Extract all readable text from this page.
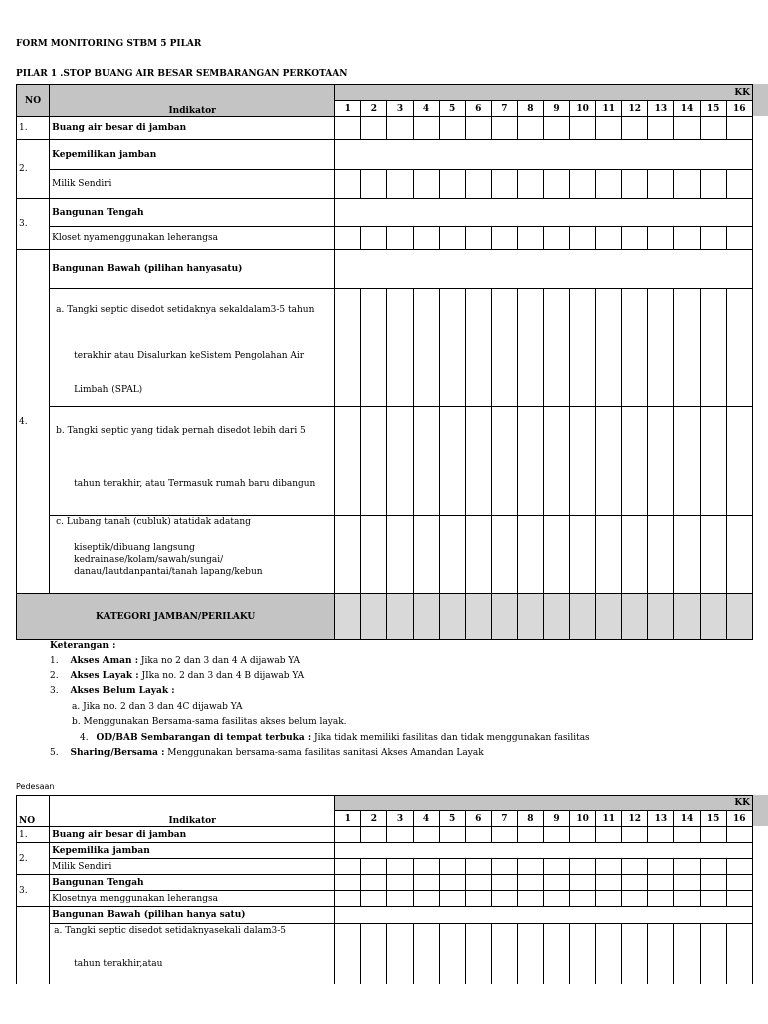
FORM MONITORING STBM 5 PILAR
PILAR 1 .STOP BUANG AIR BESAR SEMBARANGAN PERKOTAAN
NO	Indikator	KK															
		1	2	3	4	5	6	7	8	9	10	11	12	13	14	15	16
1.	Buang air besar di jamban																
2.	Kepemilikan jamban																
	Milik Sendiri																
3.	Bangunan Tengah																
	Kloset nyamenggunakan leherangsa																
4.	Bangunan Bawah (pilihan hanyasatu)																

	a. Tangki septic disedot setidaknya sekaldalam3-5 tahun
terakhir atau Disalurkan keSistem Pengolahan Air
Limbah (SPAL)																

	b. Tangki septic yang tidak pernah disedot lebih dari 5
tahun terakhir, atau Termasuk rumah baru dibangun																

	c. Lubang tanah (cubluk) atatidak adatang
kiseptik/dibuang langsung
kedrainase/kolam/sawah/sungai/
danau/lautdanpantai/tanah lapang/kebun																

KATEGORI JAMBAN/PERILAKU																	
Keterangan :
1. Akses Aman : Jika no 2 dan 3 dan 4 A dijawab YA
2. Akses Layak : JIka no. 2 dan 3 dan 4 B dijawab YA
3. Akses Belum Layak :
a. Jika no. 2 dan 3 dan 4C dijawab YA
b. Menggunakan Bersama-sama fasilitas akses belum layak.
4. OD/BAB Sembarangan di tempat terbuka : Jika tidak memiliki fasilitas dan tidak menggunakan fasilitas
5. Sharing/Bersama : Menggunakan bersama-sama fasilitas sanitasi Akses Amandan Layak
Pedesaan
NO	Indikator	KK															
		1	2	3	4	5	6	7	8	9	10	11	12	13	14	15	16
1.	Buang air besar di jamban																
2.	Kepemilika jamban																
	Milik Sendiri																
3.	Bangunan Tengah																
	Klosetnya menggunakan leherangsa																
	Bangunan Bawah (pilihan hanya satu)																

	a. Tangki septic disedot setidaknyasekali dalam3-5
tahun terakhir,atau																
